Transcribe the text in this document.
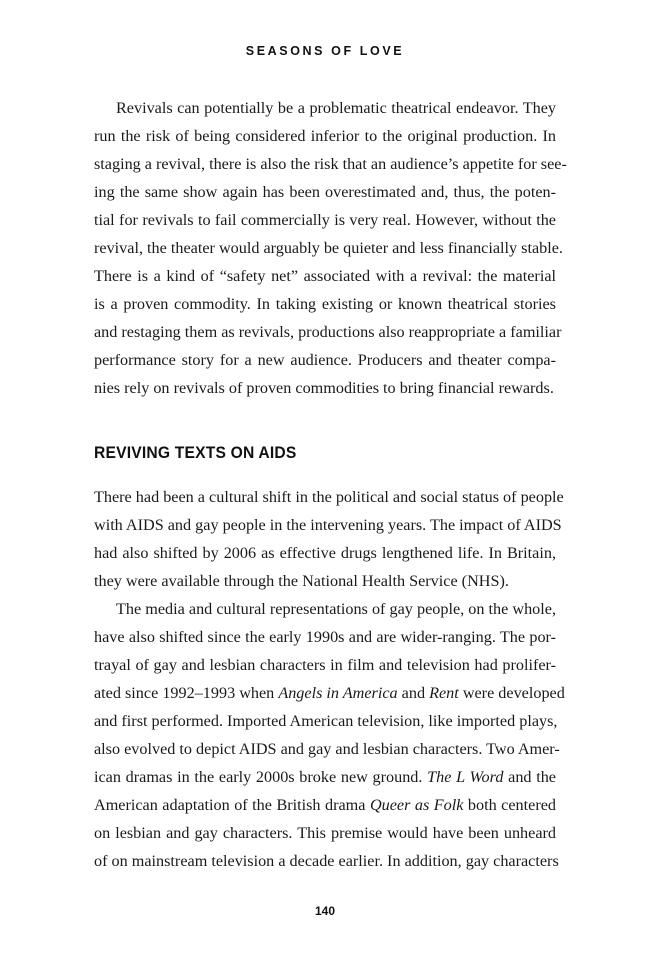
SEASONS OF LOVE
Revivals can potentially be a problematic theatrical endeavor. They
run the risk of being considered inferior to the original production. In
staging a revival, there is also the risk that an audience’s appetite for see-
ing the same show again has been overestimated and, thus, the poten-
tial for revivals to fail commercially is very real. However, without the
revival, the theater would arguably be quieter and less financially stable.
There is a kind of “safety net” associated with a revival: the material
is a proven commodity. In taking existing or known theatrical stories
and restaging them as revivals, productions also reappropriate a familiar
performance story for a new audience. Producers and theater compa-
nies rely on revivals of proven commodities to bring financial rewards.
REVIVING TEXTS ON AIDS
There had been a cultural shift in the political and social status of people
with AIDS and gay people in the intervening years. The impact of AIDS
had also shifted by 2006 as effective drugs lengthened life. In Britain,
they were available through the National Health Service (NHS).
The media and cultural representations of gay people, on the whole,
have also shifted since the early 1990s and are wider-ranging. The por-
trayal of gay and lesbian characters in film and television had prolifer-
ated since 1992–1993 when Angels in America and Rent were developed
and first performed. Imported American television, like imported plays,
also evolved to depict AIDS and gay and lesbian characters. Two Amer-
ican dramas in the early 2000s broke new ground. The L Word and the
American adaptation of the British drama Queer as Folk both centered
on lesbian and gay characters. This premise would have been unheard
of on mainstream television a decade earlier. In addition, gay characters
140
